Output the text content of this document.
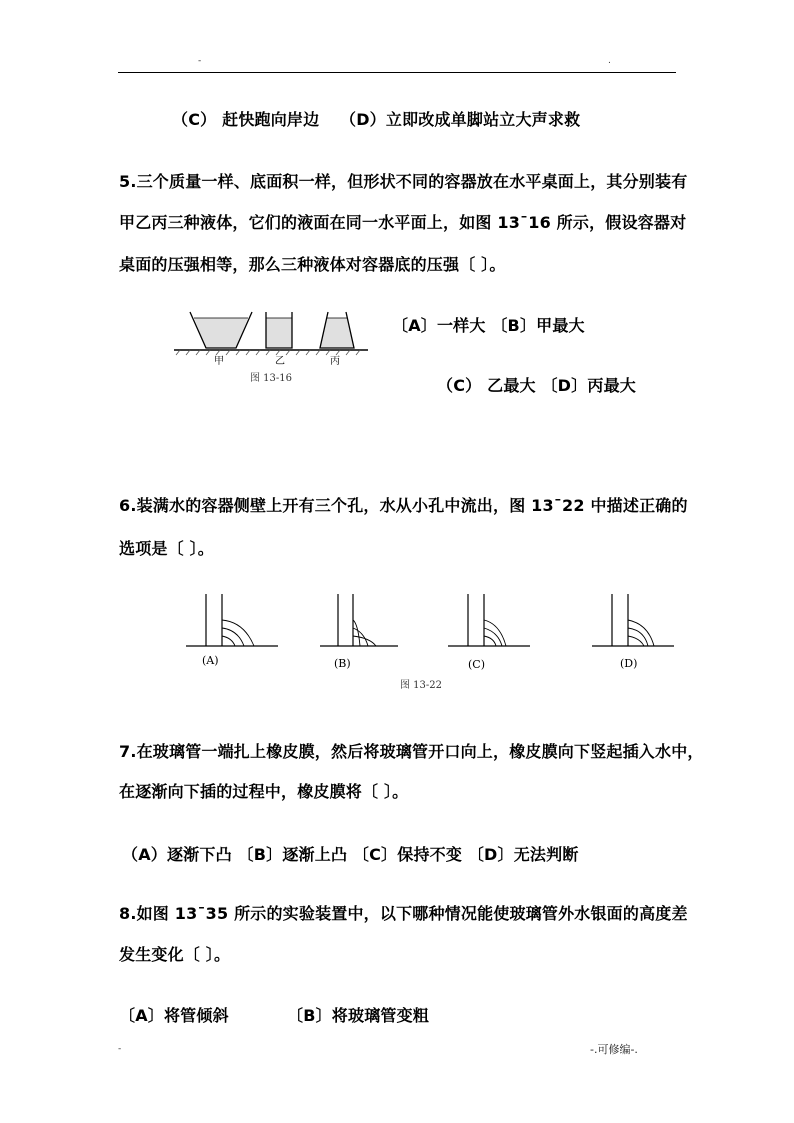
-	.
（C） 赶快跑向岸边 （D）立即改成单脚站立大声求救
5.三个质量一样、底面积一样，但形状不同的容器放在水平桌面上，其分别装有
甲乙丙三种液体，它们的液面在同一水平面上，如图 13¯16 所示，假设容器对
桌面的压强相等，那么三种液体对容器底的压强〔 〕。
甲	乙	丙
图 13-16
〔A〕一样大 〔B〕甲最大
（C） 乙最大 〔D〕丙最大
6.装满水的容器侧壁上开有三个孔，水从小孔中流出，图 13¯22 中描述正确的
选项是〔 〕。
(A)	(B)	(C)	(D)
图 13-22
7.在玻璃管一端扎上橡皮膜，然后将玻璃管开口向上，橡皮膜向下竖起插入水中，
在逐渐向下插的过程中，橡皮膜将〔 〕。
（A）逐渐下凸 〔B〕逐渐上凸 〔C〕保持不变 〔D〕无法判断
8.如图 13¯35 所示的实验装置中，以下哪种情况能使玻璃管外水银面的高度差
发生变化〔 〕。
〔A〕将管倾斜	〔B〕将玻璃管变粗
-	-.可修编-.
